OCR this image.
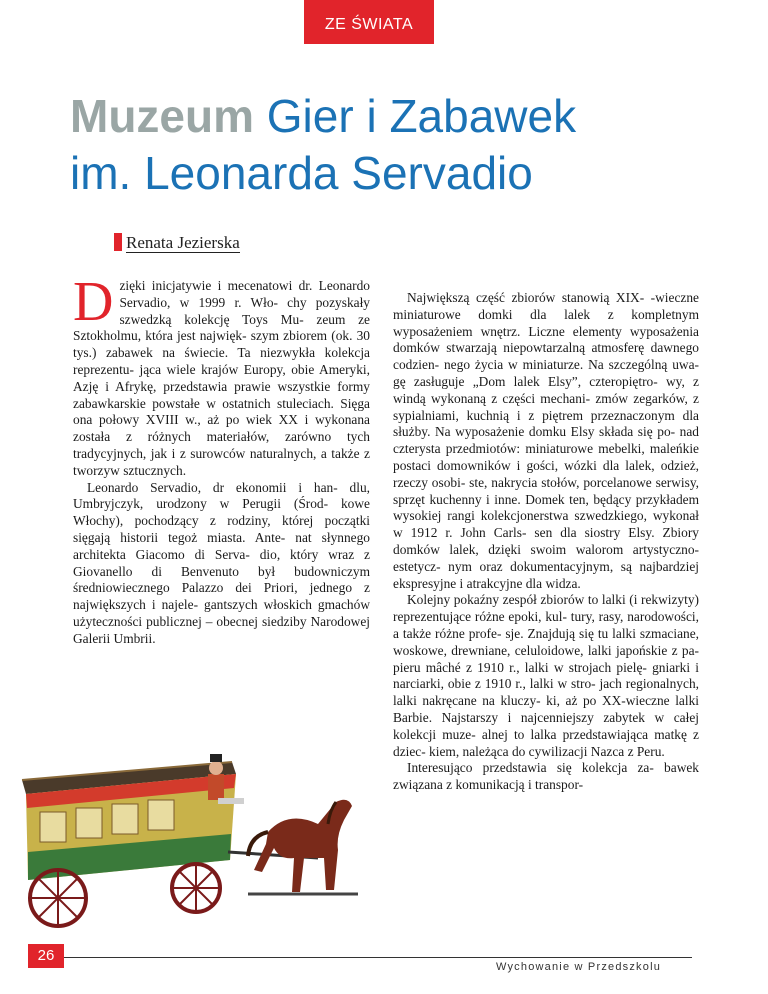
ZE ŚWIATA
Muzeum Gier i Zabawek
im. Leonarda Servadio
Renata Jezierska

Dzięki inicjatywie i mecenatowi dr. Leonardo Servadio, w 1999 r. Wło- chy pozyskały szwedzką kolekcję Toys Mu- zeum ze Sztokholmu, która jest najwięk- szym zbiorem (ok. 30 tys.) zabawek na świecie. Ta niezwykła kolekcja reprezentu- jąca wiele krajów Europy, obie Ameryki, Azję i Afrykę, przedstawia prawie wszystkie formy zabawkarskie powstałe w ostatnich stuleciach. Sięga ona połowy XVIII w., aż po wiek XX i wykonana została z różnych materiałów, zarówno tych tradycyjnych, jak i z surowców naturalnych, a także z tworzyw sztucznych.

Leonardo Servadio, dr ekonomii i han- dlu, Umbryjczyk, urodzony w Perugii (Środ- kowe Włochy), pochodzący z rodziny, której początki sięgają historii tegoż miasta. Ante- nat słynnego architekta Giacomo di Serva- dio, który wraz z Giovanello di Benvenuto był budowniczym średniowiecznego Palazzo dei Priori, jednego z największych i najele- gantszych włoskich gmachów użyteczności publicznej – obecnej siedziby Narodowej Galerii Umbrii.

Największą część zbiorów stanowią XIX- -wieczne miniaturowe domki dla lalek z kompletnym wyposażeniem wnętrz. Liczne elementy wyposażenia domków stwarzają niepowtarzalną atmosferę dawnego codzien- nego życia w miniaturze. Na szczególną uwa- gę zasługuje „Dom lalek Elsy”, czteropiętro- wy, z windą wykonaną z części mechani- zmów zegarków, z sypialniami, kuchnią i z piętrem przeznaczonym dla służby. Na wyposażenie domku Elsy składa się po- nad czterysta przedmiotów: miniaturowe mebelki, maleńkie postaci domowników i gości, wózki dla lalek, odzież, rzeczy osobi- ste, nakrycia stołów, porcelanowe serwisy, sprzęt kuchenny i inne. Domek ten, będący przykładem wysokiej rangi kolekcjonerstwa szwedzkiego, wykonał w 1912 r. John Carls- sen dla siostry Elsy. Zbiory domków lalek, dzięki swoim walorom artystyczno-estetycz- nym oraz dokumentacyjnym, są najbardziej ekspresyjne i atrakcyjne dla widza.

Kolejny pokaźny zespół zbiorów to lalki (i rekwizyty) reprezentujące różne epoki, kul- tury, rasy, narodowości, a także różne profe- sje. Znajdują się tu lalki szmaciane, woskowe, drewniane, celuloidowe, lalki japońskie z pa- pieru mâché z 1910 r., lalki w strojach pielę- gniarki i narciarki, obie z 1910 r., lalki w stro- jach regionalnych, lalki nakręcane na kluczy- ki, aż po XX-wieczne lalki Barbie. Najstarszy i najcenniejszy zabytek w całej kolekcji muze- alnej to lalka przedstawiająca matkę z dziec- kiem, należąca do cywilizacji Nazca z Peru.

Interesująco przedstawia się kolekcja za- bawek związana z komunikacją i transpor-

26
Wychowanie w Przedszkolu
